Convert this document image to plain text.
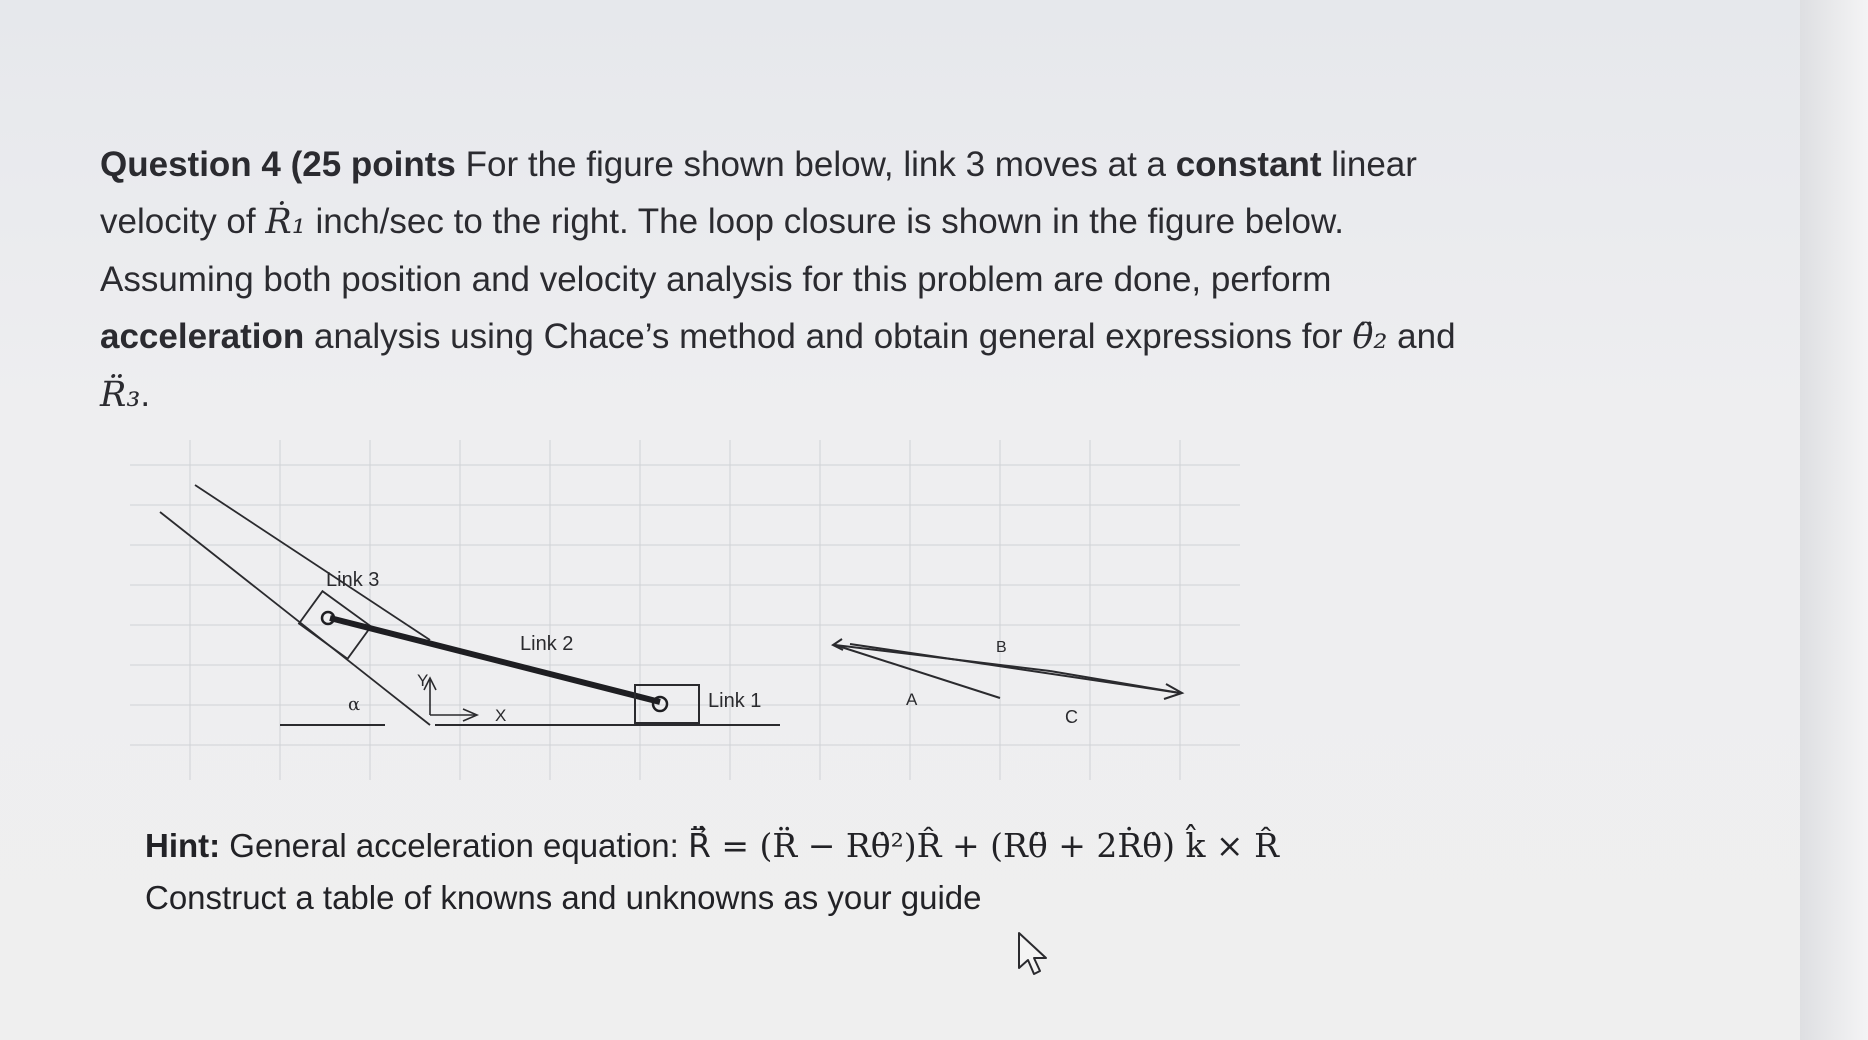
Question 4 (25 points For the figure shown below, link 3 moves at a constant linear
velocity of Ṙ₁ inch/sec to the right. The loop closure is shown in the figure below.
Assuming both position and velocity analysis for this problem are done, perform
acceleration analysis using Chace’s method and obtain general expressions for θ̈₂ and
R̈₃.
Link 3
Link 2
Link 1
α
Y
X
A
B
C
Hint: General acceleration equation: R⃗̈ = (R̈ − Rθ̇²)R̂ + (Rθ̈ + 2Ṙθ̇) k̂ × R̂
Construct a table of knowns and unknowns as your guide
